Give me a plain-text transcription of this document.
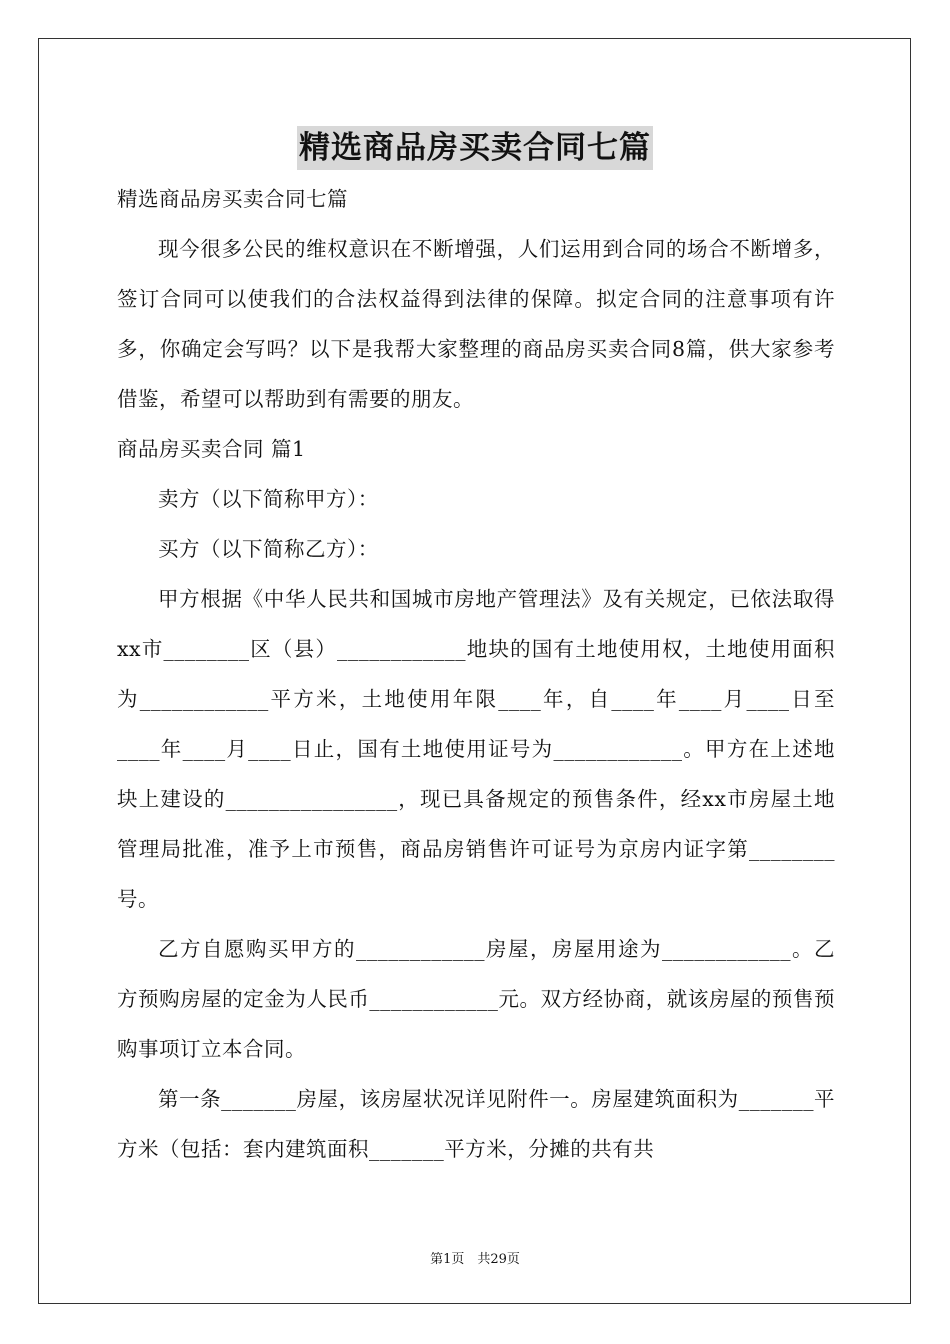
精选商品房买卖合同七篇
精选商品房买卖合同七篇

现今很多公民的维权意识在不断增强，人们运用到合同的场合不断增多，签订合同可以使我们的合法权益得到法律的保障。拟定合同的注意事项有许多，你确定会写吗？以下是我帮大家整理的商品房买卖合同8篇，供大家参考借鉴，希望可以帮助到有需要的朋友。

商品房买卖合同 篇1

卖方（以下简称甲方）：

买方（以下简称乙方）：

甲方根据《中华人民共和国城市房地产管理法》及有关规定，已依法取得xx市________区（县）____________地块的国有土地使用权，土地使用面积为____________平方米，土地使用年限____年，自____年____月____日至____年____月____日止，国有土地使用证号为____________。甲方在上述地块上建设的________________，现已具备规定的预售条件，经xx市房屋土地管理局批准，准予上市预售，商品房销售许可证号为京房内证字第________号。

乙方自愿购买甲方的____________房屋，房屋用途为____________。乙方预购房屋的定金为人民币____________元。双方经协商，就该房屋的预售预购事项订立本合同。

第一条_______房屋，该房屋状况详见附件一。房屋建筑面积为_______平方米（包括：套内建筑面积_______平方米，分摊的共有共

第1页　共29页
